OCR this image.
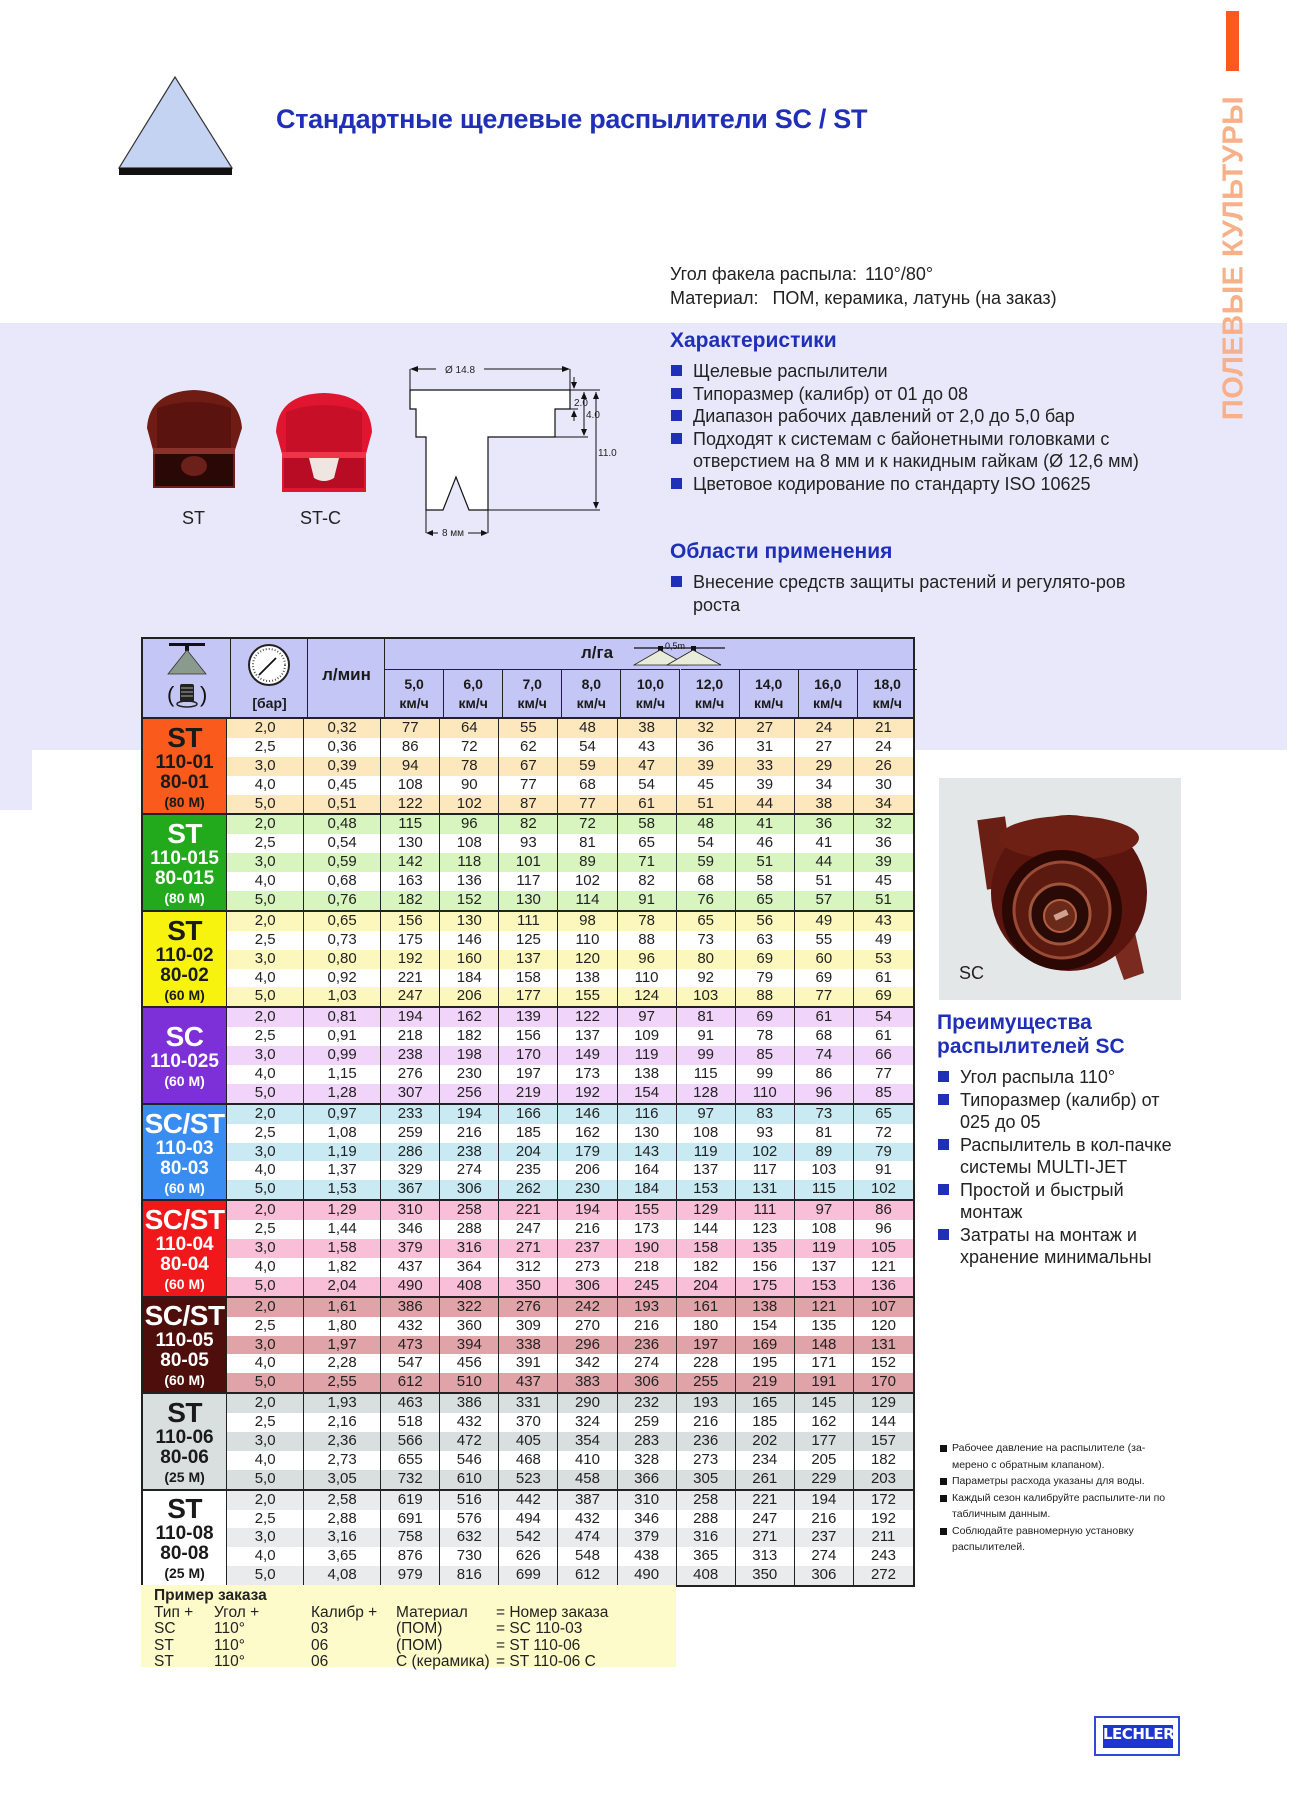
Стандартные щелевые распылители SC / ST	ПОЛЕВЫЕ КУЛЬТУРЫ
Угол факела распыла: 110°/80°
Материал: ПОМ, керамика, латунь (на заказ)
ST	ST-C
Ø 14.8
2.0
4.0
11.0
8 мм
Характеристики
Щелевые распылители
Типоразмер (калибр) от 01 до 08
Диапазон рабочих давлений от 2,0 до 5,0 бар
Подходят к системам с байонетными головками с отверстием на 8 мм и к накидным гайкам (Ø 12,6 мм)
Цветовое кодирование по стандарту ISO 10625
Области применения
Внесение средств защиты растений и регулято-ров роста
( )	[бар]
л/мин
л/га	0,5m
5,0
км/ч
6,0
км/ч
7,0
км/ч
8,0
км/ч
10,0
км/ч
12,0
км/ч
14,0
км/ч
16,0
км/ч
18,0
км/ч
ST
110-01
80-01
(80 M)
2,0	0,32	77	64	55	48	38	32	27	24	21
2,5	0,36	86	72	62	54	43	36	31	27	24
3,0	0,39	94	78	67	59	47	39	33	29	26
4,0	0,45	108	90	77	68	54	45	39	34	30
5,0	0,51	122	102	87	77	61	51	44	38	34
ST
110-015
80-015
(80 M)
2,0	0,48	115	96	82	72	58	48	41	36	32
2,5	0,54	130	108	93	81	65	54	46	41	36
3,0	0,59	142	118	101	89	71	59	51	44	39
4,0	0,68	163	136	117	102	82	68	58	51	45
5,0	0,76	182	152	130	114	91	76	65	57	51
ST
110-02
80-02
(60 M)
2,0	0,65	156	130	111	98	78	65	56	49	43
2,5	0,73	175	146	125	110	88	73	63	55	49
3,0	0,80	192	160	137	120	96	80	69	60	53
4,0	0,92	221	184	158	138	110	92	79	69	61
5,0	1,03	247	206	177	155	124	103	88	77	69
SC
110-025
(60 M)
2,0	0,81	194	162	139	122	97	81	69	61	54
2,5	0,91	218	182	156	137	109	91	78	68	61
3,0	0,99	238	198	170	149	119	99	85	74	66
4,0	1,15	276	230	197	173	138	115	99	86	77
5,0	1,28	307	256	219	192	154	128	110	96	85
SC/ST
110-03
80-03
(60 M)
2,0	0,97	233	194	166	146	116	97	83	73	65
2,5	1,08	259	216	185	162	130	108	93	81	72
3,0	1,19	286	238	204	179	143	119	102	89	79
4,0	1,37	329	274	235	206	164	137	117	103	91
5,0	1,53	367	306	262	230	184	153	131	115	102
SC/ST
110-04
80-04
(60 M)
2,0	1,29	310	258	221	194	155	129	111	97	86
2,5	1,44	346	288	247	216	173	144	123	108	96
3,0	1,58	379	316	271	237	190	158	135	119	105
4,0	1,82	437	364	312	273	218	182	156	137	121
5,0	2,04	490	408	350	306	245	204	175	153	136
SC/ST
110-05
80-05
(60 M)
2,0	1,61	386	322	276	242	193	161	138	121	107
2,5	1,80	432	360	309	270	216	180	154	135	120
3,0	1,97	473	394	338	296	236	197	169	148	131
4,0	2,28	547	456	391	342	274	228	195	171	152
5,0	2,55	612	510	437	383	306	255	219	191	170
ST
110-06
80-06
(25 M)
2,0	1,93	463	386	331	290	232	193	165	145	129
2,5	2,16	518	432	370	324	259	216	185	162	144
3,0	2,36	566	472	405	354	283	236	202	177	157
4,0	2,73	655	546	468	410	328	273	234	205	182
5,0	3,05	732	610	523	458	366	305	261	229	203
ST
110-08
80-08
(25 M)
2,0	2,58	619	516	442	387	310	258	221	194	172
2,5	2,88	691	576	494	432	346	288	247	216	192
3,0	3,16	758	632	542	474	379	316	271	237	211
4,0	3,65	876	730	626	548	438	365	313	274	243
5,0	4,08	979	816	699	612	490	408	350	306	272
SC
Преимущества
распылителей SC
Угол распыла 110°
Типоразмер (калибр) от 025 до 05
Распылитель в кол-пачке системы MULTI-JET
Простой и быстрый монтаж
Затраты на монтаж и хранение минимальны
Рабочее давление на распылителе (за-мерено с обратным клапаном).
Параметры расхода указаны для воды.
Каждый сезон калибруйте распылите-ли по табличным данным.
Соблюдайте равномерную установку распылителей.
Пример заказа
Тип +	Угол +	Калибр +	Материал	= Номер заказа
SC	110°	03	(ПОМ)	= SC 110-03
ST	110°	06	(ПОМ)	= ST 110-06
ST	110°	06	C (керамика) = ST 110-06 C
LECHLER
